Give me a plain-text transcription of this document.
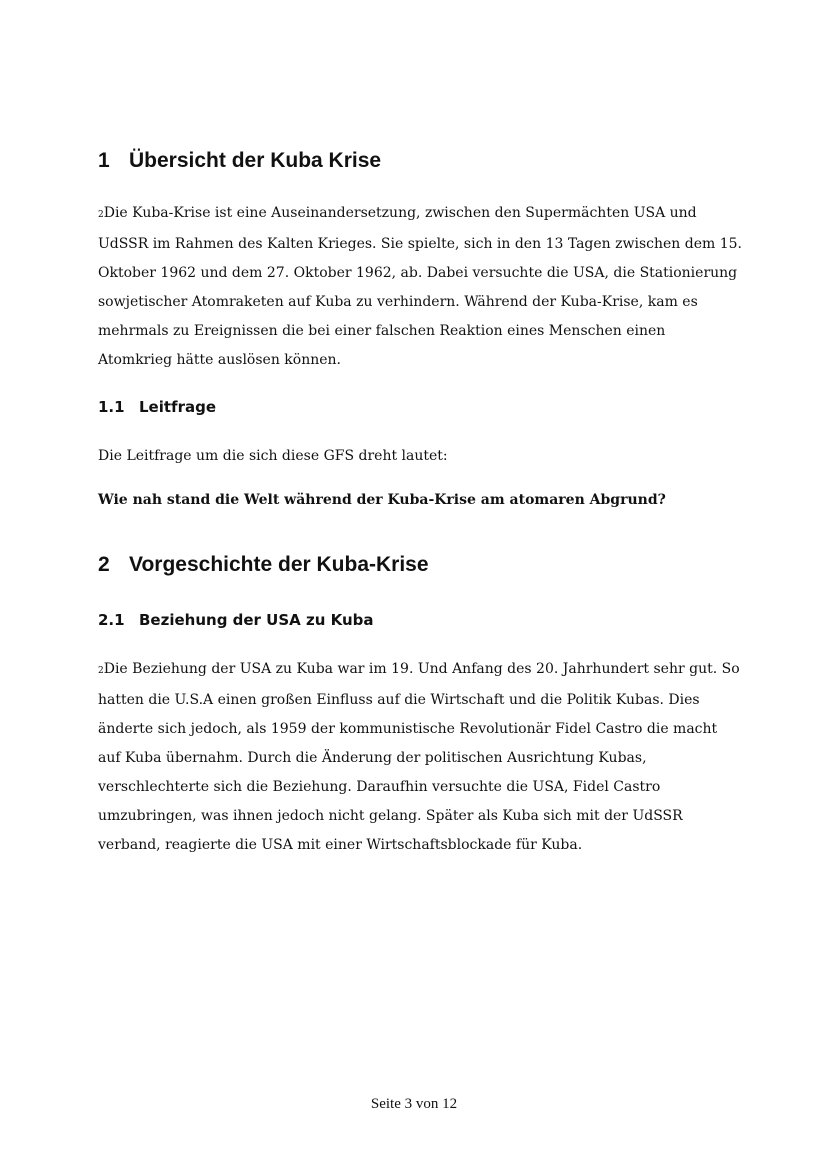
1 Übersicht der Kuba Krise
2Die Kuba-Krise ist eine Auseinandersetzung, zwischen den Supermächten USA und
UdSSR im Rahmen des Kalten Krieges. Sie spielte, sich in den 13 Tagen zwischen dem 15.
Oktober 1962 und dem 27. Oktober 1962, ab. Dabei versuchte die USA, die Stationierung
sowjetischer Atomraketen auf Kuba zu verhindern. Während der Kuba-Krise, kam es
mehrmals zu Ereignissen die bei einer falschen Reaktion eines Menschen einen
Atomkrieg hätte auslösen können.
1.1 Leitfrage
Die Leitfrage um die sich diese GFS dreht lautet:

Wie nah stand die Welt während der Kuba-Krise am atomaren Abgrund?

2 Vorgeschichte der Kuba-Krise
2.1 Beziehung der USA zu Kuba
2Die Beziehung der USA zu Kuba war im 19. Und Anfang des 20. Jahrhundert sehr gut. So
hatten die U.S.A einen großen Einfluss auf die Wirtschaft und die Politik Kubas. Dies
änderte sich jedoch, als 1959 der kommunistische Revolutionär Fidel Castro die macht
auf Kuba übernahm. Durch die Änderung der politischen Ausrichtung Kubas,
verschlechterte sich die Beziehung. Daraufhin versuchte die USA, Fidel Castro
umzubringen, was ihnen jedoch nicht gelang. Später als Kuba sich mit der UdSSR
verband, reagierte die USA mit einer Wirtschaftsblockade für Kuba.
Seite 3 von 12
